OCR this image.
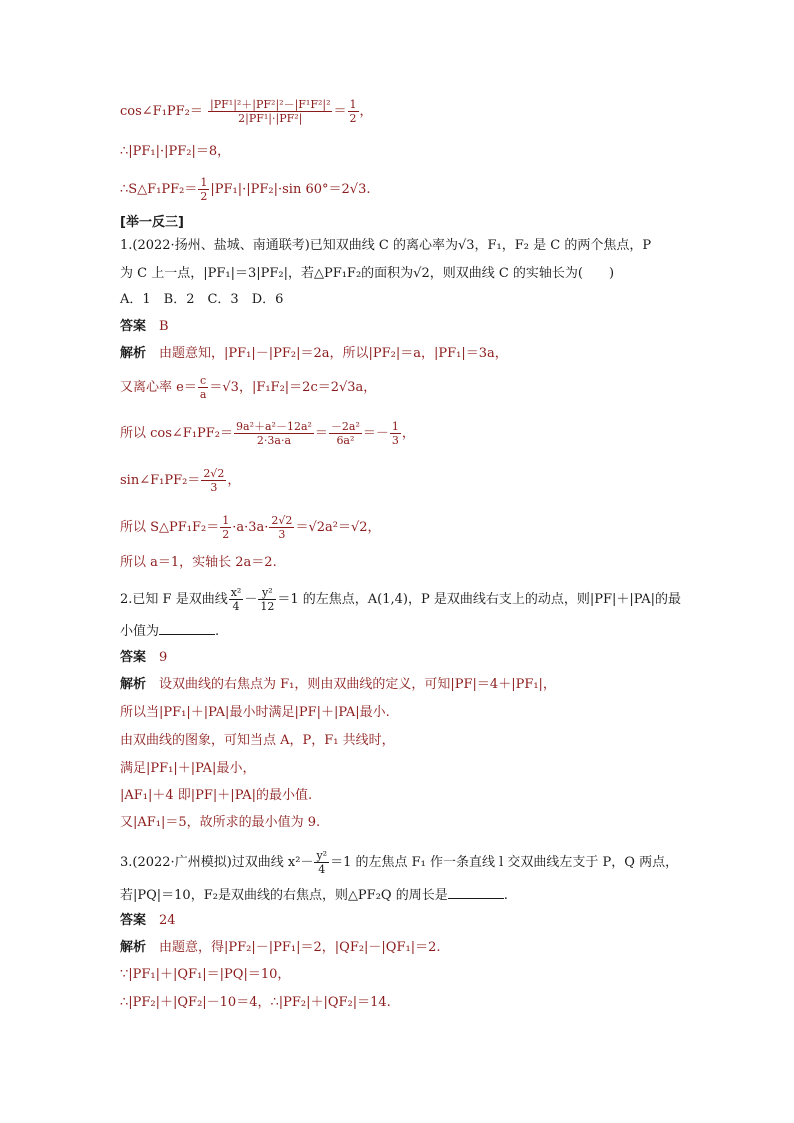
cos∠F₁PF₂＝ $\frac{\text{|PF¹|²＋|PF²|²－|F¹F²|²}}{\text{2|PF¹|·|PF²|}} = \frac{1}{2}$ ，
∴|PF₁|·|PF₂|＝8，
∴S△F₁PF₂＝ $\frac{1}{2} |PF_1|\cdot|PF_2|\cdot\sin$ 60°＝2√3.
[举一反三]
1.(2022·扬州、盐城、南通联考)已知双曲线 C 的离心率为√3，F₁，F₂ 是 C 的两个焦点，P
为 C 上一点，|PF₁|＝3|PF₂|，若△PF₁F₂的面积为√2，则双曲线 C 的实轴长为(　　)
A．1　B．2　C．3　D．6
答案　 B
解析　 由题意知，|PF₁|－|PF₂|＝2a，所以|PF₂|＝a，|PF₁|＝3a，
又离心率 $e= \frac{c}{a} =√3$，|F₁F₂|＝2c＝2√3a，
所以 cos∠F₁PF₂＝ $\frac{\text{9a²＋a²－12a²}}{2\cdot 3a\cdot a} = \frac{\text{－2a²}}{\text{6a²}} =- \frac{1}{3}$ ，
sin∠F₁PF₂＝ $\frac{2√2}{3}$ ，
所以 S△PF₁F₂＝ $\frac{1}{2} \cdot a\cdot 3a\cdot \frac{2√2}{3} =√2a^2=√2$，
所以 a＝1，实轴长 2a＝2.
2.已知 F 是双曲线 $\frac{\text{x²}}{4} - \frac{\text{y²}}{12} =1$ 的左焦点，A(1,4)，P 是双曲线右支上的动点，则|PF|＋|PA|的最
小值为	.
答案　 9
解析　 设双曲线的右焦点为 F₁，则由双曲线的定义，可知|PF|＝4＋|PF₁|，
所以当|PF₁|＋|PA|最小时满足|PF|＋|PA|最小.
由双曲线的图象，可知当点 A，P，F₁ 共线时，
满足|PF₁|＋|PA|最小，
|AF₁|＋4 即|PF|＋|PA|的最小值.
又|AF₁|＝5，故所求的最小值为 9.
3.(2022·广州模拟)过双曲线 $x^2- \frac{\text{y²}}{4} =1$ 的左焦点 F₁ 作一条直线 l 交双曲线左支于 P，Q 两点，
若|PQ|＝10，F₂是双曲线的右焦点，则△PF₂Q 的周长是	.
答案　 24
解析　 由题意，得|PF₂|－|PF₁|＝2，|QF₂|－|QF₁|＝2.
∵|PF₁|＋|QF₁|＝|PQ|＝10，
∴|PF₂|＋|QF₂|－10＝4，∴|PF₂|＋|QF₂|＝14.
